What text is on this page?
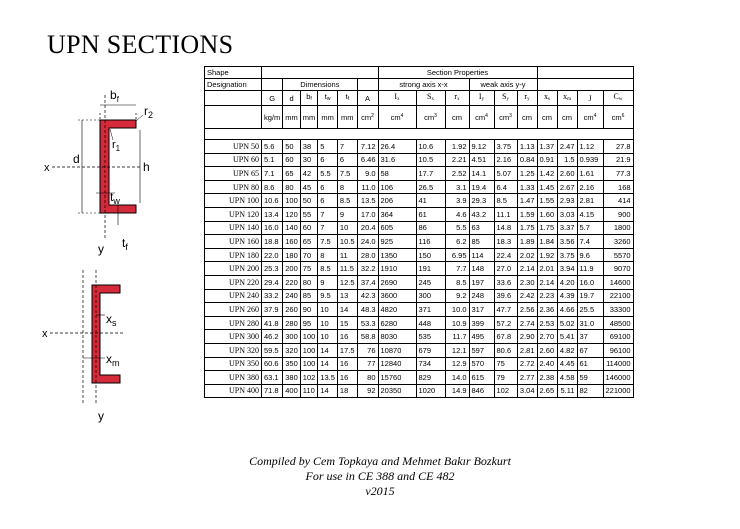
UPN SECTIONS
$b_f$
$r_2$
$r_1$
d
h
x
$t_w$
y $t_f$
$x_s$
$x_m$
x
y
Shape							Section Properties									
Designation		Dimensions					strong axis x-x			weak axis y-y						
	G	d	$b_f$	$t_w$	$t_f$	A	$I_x$	$S_x$	$r_x$	$I_y$	$S_y$	$r_y$	$x_s$	$x_m$	J	$C_w$
	kg/m	mm	mm	mm	mm	$cm^2$	$cm^4$	$cm^3$	cm	$cm^4$	$cm^3$	cm	cm	cm	$cm^4$	$cm^6$

UPN 50	5.6	50	38	5	7	7.12	26.4	10.6	1.92	9.12	3.75	1.13	1.37	2.47	1.12	27.8
UPN 60	5.1	60	30	6	6	6.46	31.6	10.5	2.21	4.51	2.16	0.84	0.91	1.5	0.939	21.9
UPN 65	7.1	65	42	5.5	7.5	9.0	58	17.7	2.52	14.1	5.07	1.25	1.42	2.60	1.61	77.3
UPN 80	8.6	80	45	6	8	11.0	106	26.5	3.1	19.4	6.4	1.33	1.45	2.67	2.16	168
UPN 100	10.6	100	50	6	8.5	13.5	206	41	3.9	29.3	8.5	1.47	1.55	2.93	2.81	414
UPN 120	13.4	120	55	7	9	17.0	364	61	4.6	43.2	11.1	1.59	1.60	3.03	4.15	900
UPN 140	16.0	140	60	7	10	20.4	605	86	5.5	63	14.8	1.75	1.75	3.37	5.7	1800
UPN 160	18.8	160	65	7.5	10.5	24.0	925	116	6.2	85	18.3	1.89	1.84	3.56	7.4	3260
UPN 180	22.0	180	70	8	11	28.0	1350	150	6.95	114	22.4	2.02	1.92	3.75	9.6	5570
UPN 200	25.3	200	75	8.5	11.5	32.2	1910	191	7.7	148	27.0	2.14	2.01	3.94	11.9	9070
UPN 220	29.4	220	80	9	12.5	37.4	2690	245	8.5	197	33.6	2.30	2.14	4.20	16.0	14600
UPN 240	33.2	240	85	9.5	13	42.3	3600	300	9.2	248	39.6	2.42	2.23	4.39	19.7	22100
UPN 260	37.9	260	90	10	14	48.3	4820	371	10.0	317	47.7	2.56	2.36	4.66	25.5	33300
UPN 280	41.8	280	95	10	15	53.3	6280	448	10.9	399	57.2	2.74	2.53	5.02	31.0	48500
UPN 300	46.2	300	100	10	16	58.8	8030	535	11.7	495	67.8	2.90	2.70	5.41	37	69100
UPN 320	59.5	320	100	14	17.5	76	10870	679	12.1	597	80.6	2.81	2.60	4.82	67	96100
UPN 350	60.6	350	100	14	16	77	12840	734	12.9	570	75	2.72	2.40	4.45	61	114000
UPN 380	63.1	380	102	13.5	16	80	15760	829	14.0	615	79	2.77	2.38	4.58	59	146000
UPN 400	71.8	400	110	14	18	92	20350	1020	14.9	846	102	3.04	2.65	5.11	82	221000
Compiled by Cem Topkaya and Mehmet Bakır Bozkurt
For use in CE 388 and CE 482
v2015
